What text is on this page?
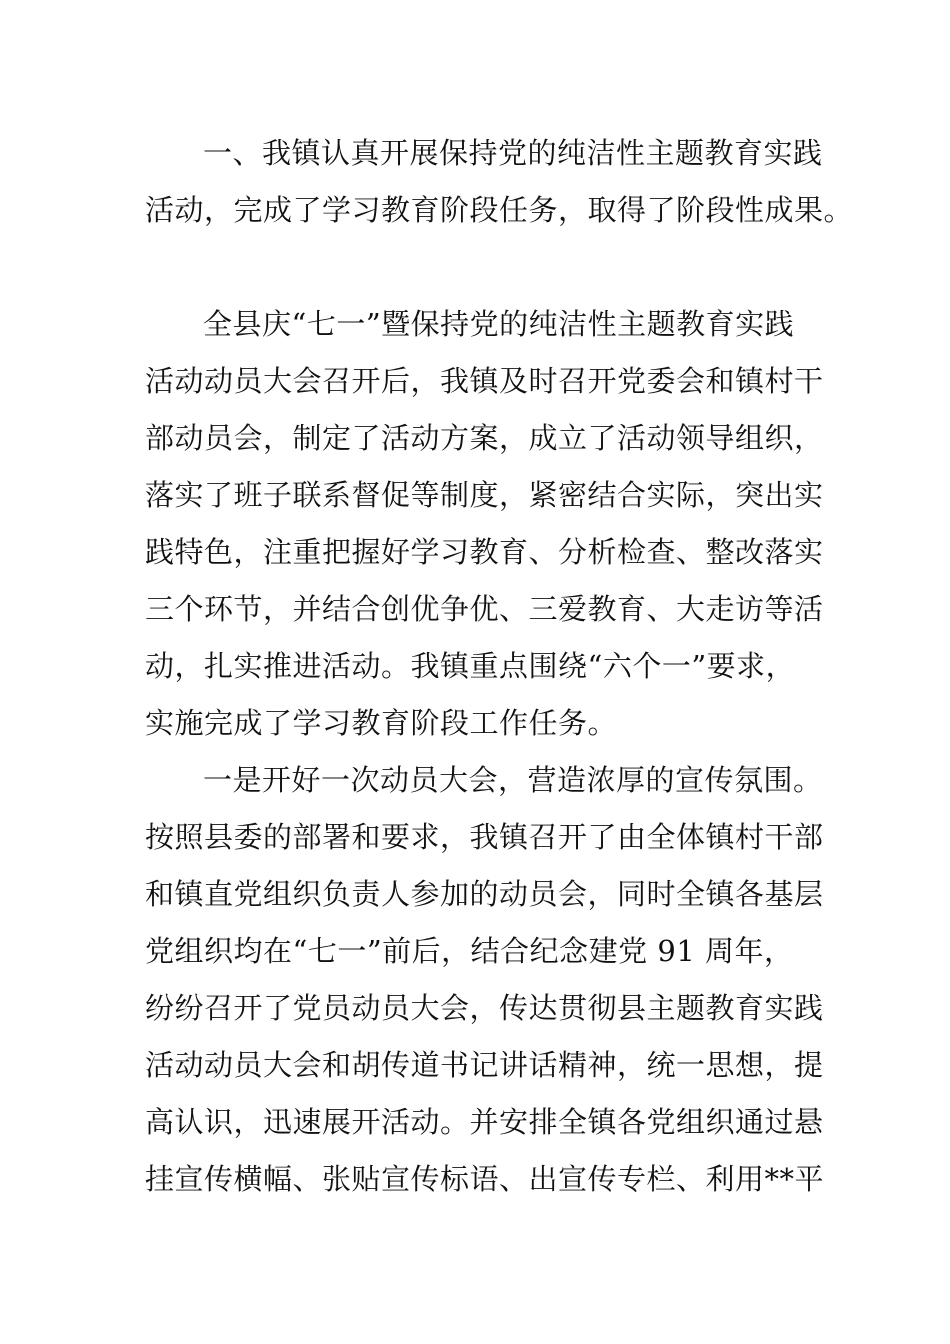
一、我镇认真开展保持党的纯洁性主题教育实践
活动，完成了学习教育阶段任务，取得了阶段性成果。
全县庆“七一”暨保持党的纯洁性主题教育实践
活动动员大会召开后，我镇及时召开党委会和镇村干
部动员会，制定了活动方案，成立了活动领导组织，
落实了班子联系督促等制度，紧密结合实际，突出实
践特色，注重把握好学习教育、分析检查、整改落实
三个环节，并结合创优争优、三爱教育、大走访等活
动，扎实推进活动。我镇重点围绕“六个一”要求，
实施完成了学习教育阶段工作任务。
一是开好一次动员大会，营造浓厚的宣传氛围。
按照县委的部署和要求，我镇召开了由全体镇村干部
和镇直党组织负责人参加的动员会，同时全镇各基层
党组织均在“七一”前后，结合纪念建党 91 周年，
纷纷召开了党员动员大会，传达贯彻县主题教育实践
活动动员大会和胡传道书记讲话精神，统一思想，提
高认识，迅速展开活动。并安排全镇各党组织通过悬
挂宣传横幅、张贴宣传标语、出宣传专栏、利用**平
